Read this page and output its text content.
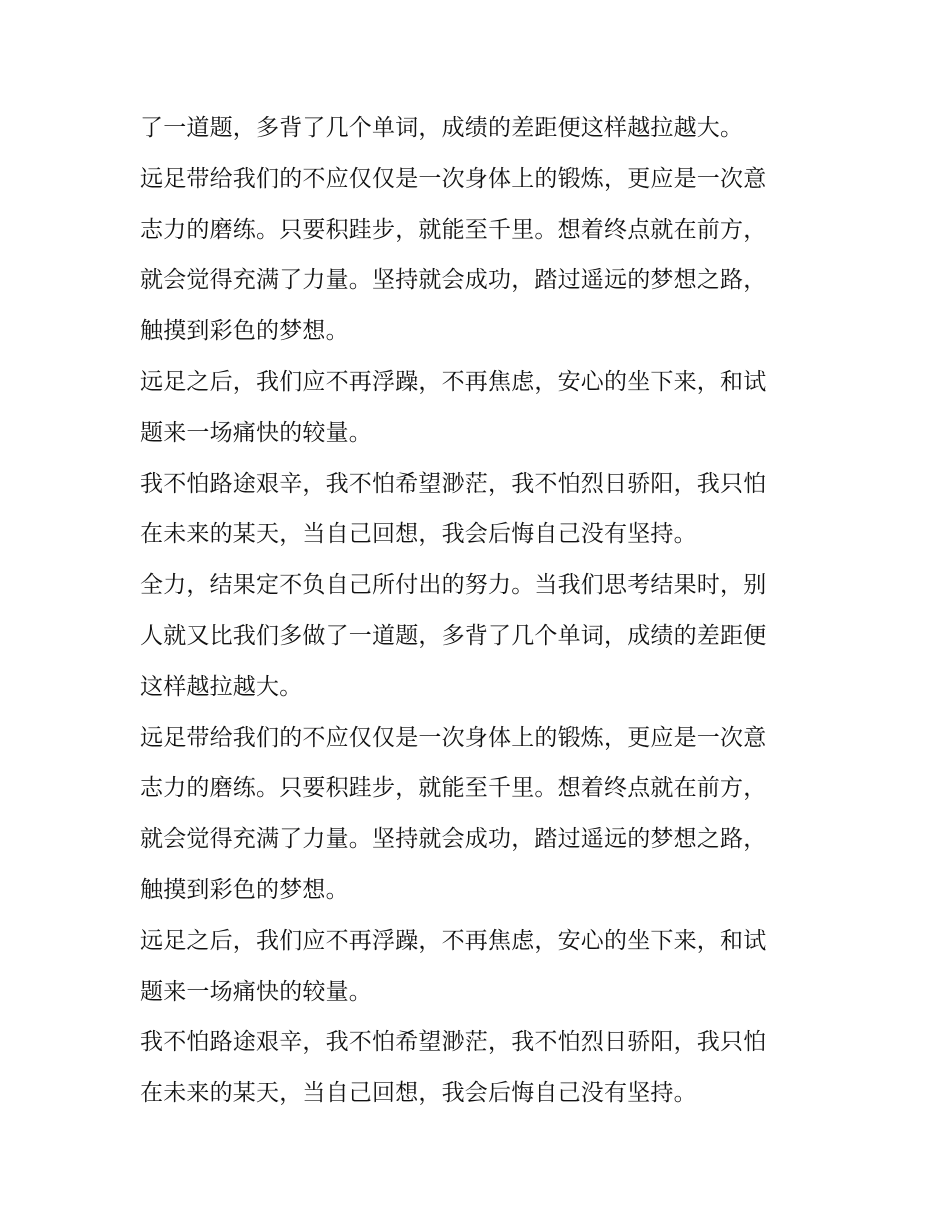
了一道题，多背了几个单词，成绩的差距便这样越拉越大。

远足带给我们的不应仅仅是一次身体上的锻炼，更应是一次意
志力的磨练。只要积跬步，就能至千里。想着终点就在前方，
就会觉得充满了力量。坚持就会成功，踏过遥远的梦想之路，
触摸到彩色的梦想。

远足之后，我们应不再浮躁，不再焦虑，安心的坐下来，和试
题来一场痛快的较量。

我不怕路途艰辛，我不怕希望渺茫，我不怕烈日骄阳，我只怕
在未来的某天，当自己回想，我会后悔自己没有坚持。

全力，结果定不负自己所付出的努力。当我们思考结果时，别
人就又比我们多做了一道题，多背了几个单词，成绩的差距便
这样越拉越大。

远足带给我们的不应仅仅是一次身体上的锻炼，更应是一次意
志力的磨练。只要积跬步，就能至千里。想着终点就在前方，
就会觉得充满了力量。坚持就会成功，踏过遥远的梦想之路，
触摸到彩色的梦想。

远足之后，我们应不再浮躁，不再焦虑，安心的坐下来，和试
题来一场痛快的较量。

我不怕路途艰辛，我不怕希望渺茫，我不怕烈日骄阳，我只怕
在未来的某天，当自己回想，我会后悔自己没有坚持。
